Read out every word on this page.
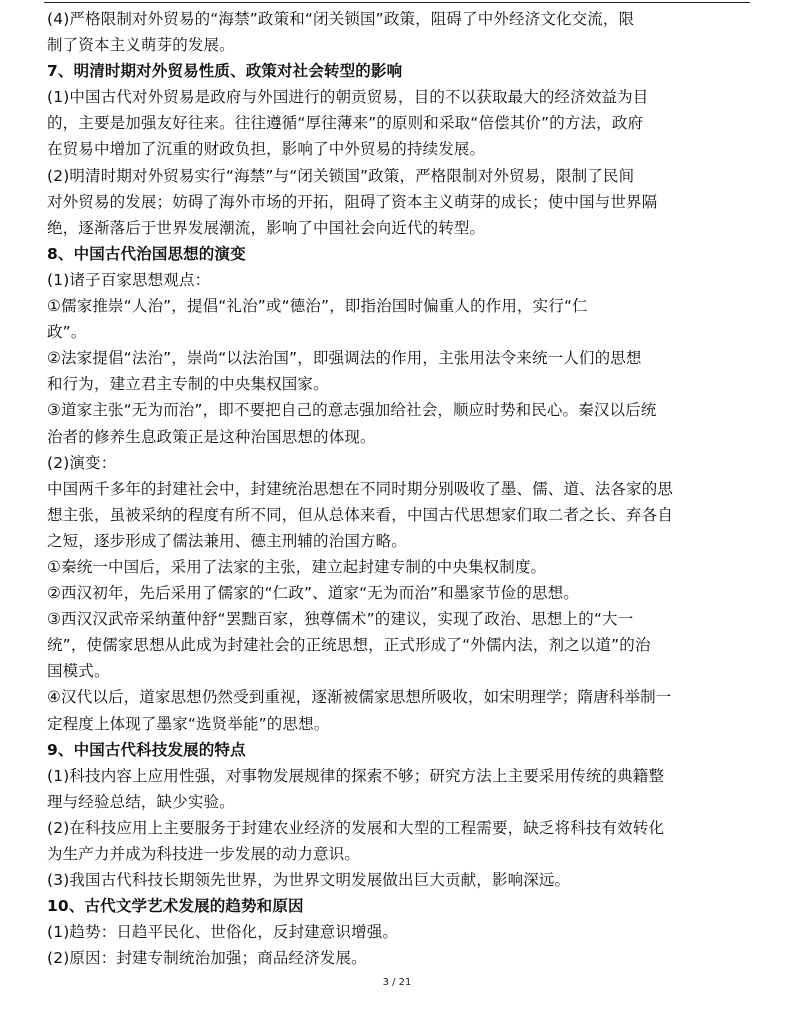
(4)严格限制对外贸易的“海禁”政策和“闭关锁国”政策，阻碍了中外经济文化交流，限
制了资本主义萌芽的发展。
7、明清时期对外贸易性质、政策对社会转型的影响
(1)中国古代对外贸易是政府与外国进行的朝贡贸易，目的不以获取最大的经济效益为目
的，主要是加强友好往来。往往遵循“厚往薄来”的原则和采取“倍偿其价”的方法，政府
在贸易中增加了沉重的财政负担，影响了中外贸易的持续发展。
(2)明清时期对外贸易实行“海禁”与“闭关锁国”政策，严格限制对外贸易，限制了民间
对外贸易的发展；妨碍了海外市场的开拓，阻碍了资本主义萌芽的成长；使中国与世界隔
绝，逐渐落后于世界发展潮流，影响了中国社会向近代的转型。
8、中国古代治国思想的演变
(1)诸子百家思想观点：
①儒家推崇“人治”，提倡“礼治”或“德治”，即指治国时偏重人的作用，实行“仁
政”。
②法家提倡“法治”，崇尚“以法治国”，即强调法的作用，主张用法令来统一人们的思想
和行为，建立君主专制的中央集权国家。
③道家主张“无为而治”，即不要把自己的意志强加给社会，顺应时势和民心。秦汉以后统
治者的修养生息政策正是这种治国思想的体现。
(2)演变：
中国两千多年的封建社会中，封建统治思想在不同时期分别吸收了墨、儒、道、法各家的思
想主张，虽被采纳的程度有所不同，但从总体来看，中国古代思想家们取二者之长、弃各自
之短，逐步形成了儒法兼用、德主刑辅的治国方略。
①秦统一中国后，采用了法家的主张，建立起封建专制的中央集权制度。
②西汉初年，先后采用了儒家的“仁政”、道家“无为而治”和墨家节俭的思想。
③西汉汉武帝采纳董仲舒“罢黜百家，独尊儒术”的建议，实现了政治、思想上的“大一
统”，使儒家思想从此成为封建社会的正统思想，正式形成了“外儒内法，剂之以道”的治
国模式。
④汉代以后，道家思想仍然受到重视，逐渐被儒家思想所吸收，如宋明理学；隋唐科举制一
定程度上体现了墨家“选贤举能”的思想。
9、中国古代科技发展的特点
(1)科技内容上应用性强，对事物发展规律的探索不够；研究方法上主要采用传统的典籍整
理与经验总结，缺少实验。
(2)在科技应用上主要服务于封建农业经济的发展和大型的工程需要，缺乏将科技有效转化
为生产力并成为科技进一步发展的动力意识。
(3)我国古代科技长期领先世界，为世界文明发展做出巨大贡献，影响深远。
10、古代文学艺术发展的趋势和原因
(1)趋势：日趋平民化、世俗化，反封建意识增强。
(2)原因：封建专制统治加强；商品经济发展。
3 / 21
